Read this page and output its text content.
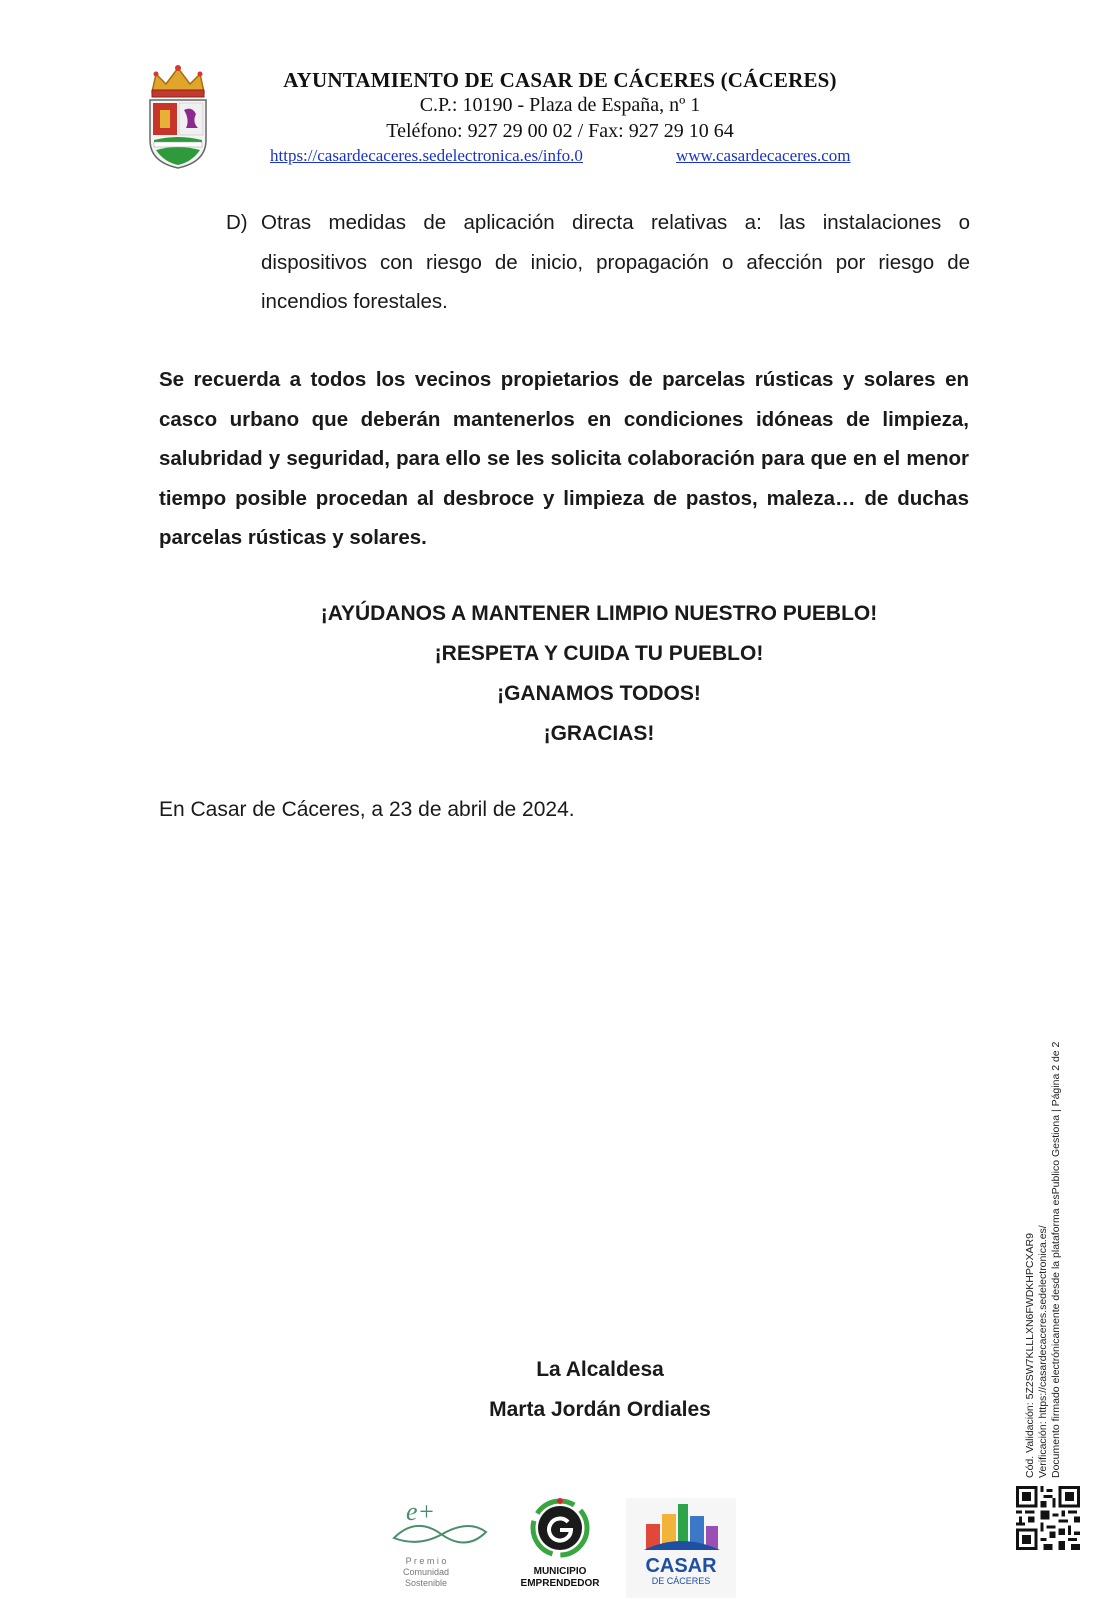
AYUNTAMIENTO DE CASAR DE CÁCERES (CÁCERES)
C.P.: 10190 - Plaza de España, nº 1
Teléfono: 927 29 00 02 / Fax: 927 29 10 64
https://casardecaceres.sedelectronica.es/info.0	www.casardecaceres.com
D) Otras medidas de aplicación directa relativas a: las instalaciones o dispositivos con riesgo de inicio, propagación o afección por riesgo de incendios forestales.
Se recuerda a todos los vecinos propietarios de parcelas rústicas y solares en casco urbano que deberán mantenerlos en condiciones idóneas de limpieza, salubridad y seguridad, para ello se les solicita colaboración para que en el menor tiempo posible procedan al desbroce y limpieza de pastos, maleza… de duchas parcelas rústicas y solares.
¡AYÚDANOS A MANTENER LIMPIO NUESTRO PUEBLO!
¡RESPETA Y CUIDA TU PUEBLO!
¡GANAMOS TODOS!
¡GRACIAS!
En Casar de Cáceres, a 23 de abril de 2024.
La Alcaldesa
Marta Jordán Ordiales	Cód. Validación: 5Z2SW7KLLLXN6FWDKHPCXAR9 Verificación: https://casardecaceres.sedelectronica.es/ Documento firmado electrónicamente desde la plataforma esPublico Gestiona | Página 2 de 2
e+
P r e m i o
Comunidad
Sostenible
MUNICIPIO
EMPRENDEDOR
CASAR
DE CÁCERES
